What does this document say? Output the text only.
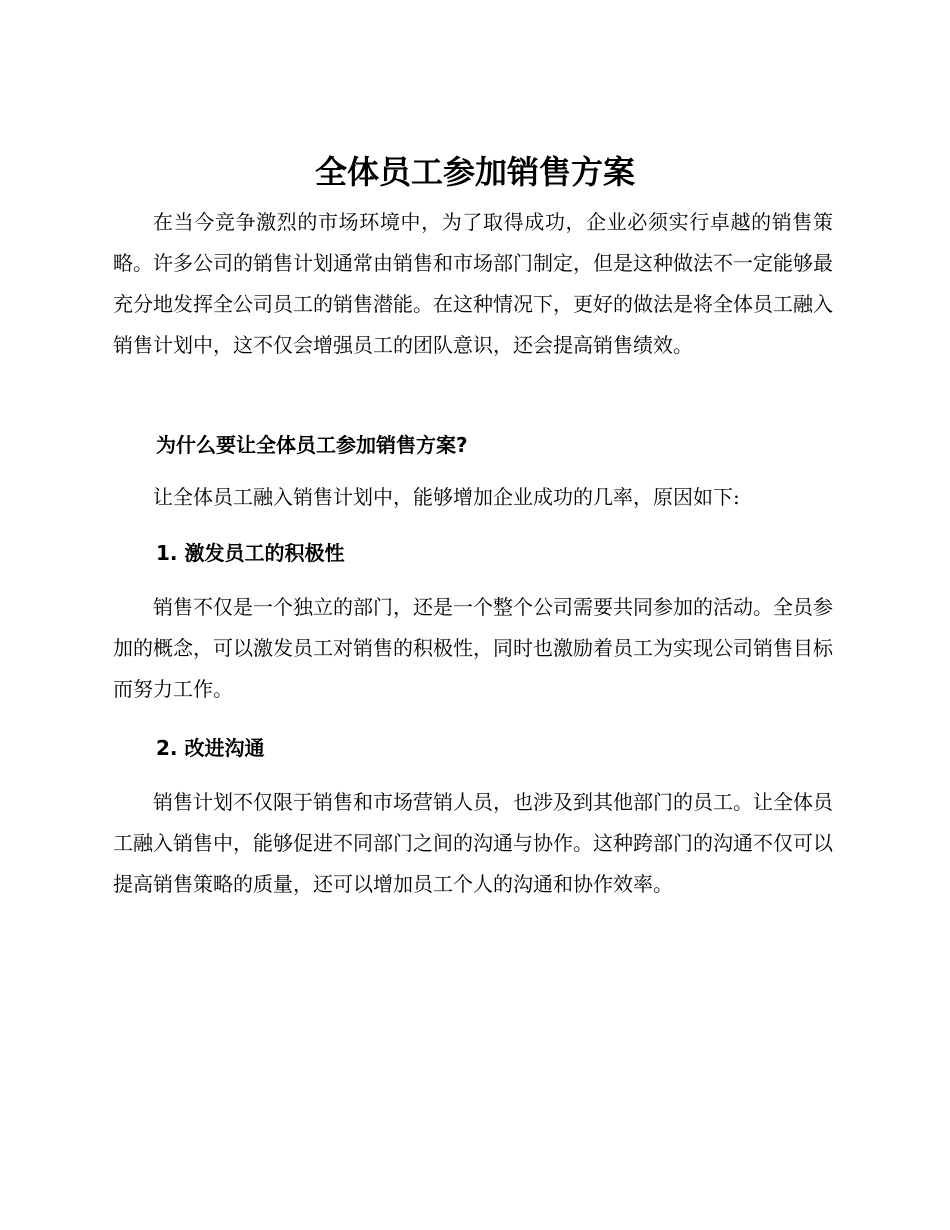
全体员工参加销售方案

在当今竞争激烈的市场环境中，为了取得成功，企业必须实行卓越的销售策略。许多公司的销售计划通常由销售和市场部门制定，但是这种做法不一定能够最充分地发挥全公司员工的销售潜能。在这种情况下，更好的做法是将全体员工融入销售计划中，这不仅会增强员工的团队意识，还会提高销售绩效。

为什么要让全体员工参加销售方案?

让全体员工融入销售计划中，能够增加企业成功的几率，原因如下:

1. 激发员工的积极性

销售不仅是一个独立的部门，还是一个整个公司需要共同参加的活动。全员参加的概念，可以激发员工对销售的积极性，同时也激励着员工为实现公司销售目标而努力工作。

2. 改进沟通

销售计划不仅限于销售和市场营销人员，也涉及到其他部门的员工。让全体员工融入销售中，能够促进不同部门之间的沟通与协作。这种跨部门的沟通不仅可以提高销售策略的质量，还可以增加员工个人的沟通和协作效率。
